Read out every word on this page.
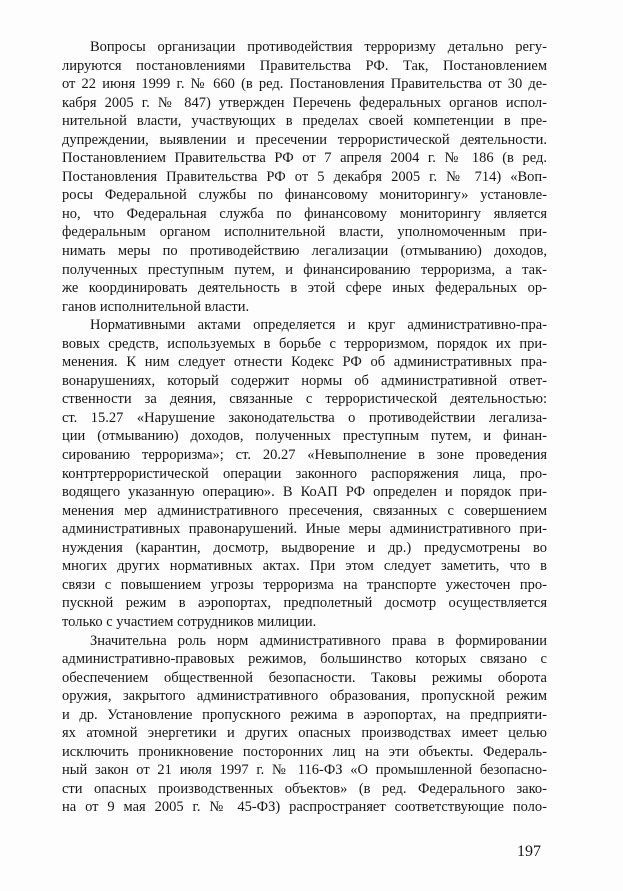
Вопросы организации противодействия терроризму детально регу-
лируются постановлениями Правительства РФ. Так, Постановлением
от 22 июня 1999 г. № 660 (в ред. Постановления Правительства от 30 де-
кабря 2005 г. № 847) утвержден Перечень федеральных органов испол-
нительной власти, участвующих в пределах своей компетенции в пре-
дупреждении, выявлении и пресечении террористической деятельности.
Постановлением Правительства РФ от 7 апреля 2004 г. № 186 (в ред.
Постановления Правительства РФ от 5 декабря 2005 г. № 714) «Воп-
росы Федеральной службы по финансовому мониторингу» установле-
но, что Федеральная служба по финансовому мониторингу является
федеральным органом исполнительной власти, уполномоченным при-
нимать меры по противодействию легализации (отмыванию) доходов,
полученных преступным путем, и финансированию терроризма, а так-
же координировать деятельность в этой сфере иных федеральных ор-
ганов исполнительной власти.
Нормативными актами определяется и круг административно-пра-
вовых средств, используемых в борьбе с терроризмом, порядок их при-
менения. К ним следует отнести Кодекс РФ об административных пра-
вонарушениях, который содержит нормы об административной ответ-
ственности за деяния, связанные с террористической деятельностью:
ст. 15.27 «Нарушение законодательства о противодействии легализа-
ции (отмыванию) доходов, полученных преступным путем, и финан-
сированию терроризма»; ст. 20.27 «Невыполнение в зоне проведения
контртеррористической операции законного распоряжения лица, про-
водящего указанную операцию». В КоАП РФ определен и порядок при-
менения мер административного пресечения, связанных с совершением
административных правонарушений. Иные меры административного при-
нуждения (карантин, досмотр, выдворение и др.) предусмотрены во
многих других нормативных актах. При этом следует заметить, что в
связи с повышением угрозы терроризма на транспорте ужесточен про-
пускной режим в аэропортах, предполетный досмотр осуществляется
только с участием сотрудников милиции.
Значительна роль норм административного права в формировании
административно-правовых режимов, большинство которых связано с
обеспечением общественной безопасности. Таковы режимы оборота
оружия, закрытого административного образования, пропускной режим
и др. Установление пропускного режима в аэропортах, на предприяти-
ях атомной энергетики и других опасных производствах имеет целью
исключить проникновение посторонних лиц на эти объекты. Федераль-
ный закон от 21 июля 1997 г. № 116-ФЗ «О промышленной безопасно-
сти опасных производственных объектов» (в ред. Федерального зако-
на от 9 мая 2005 г. № 45-ФЗ) распространяет соответствующие поло-
197
